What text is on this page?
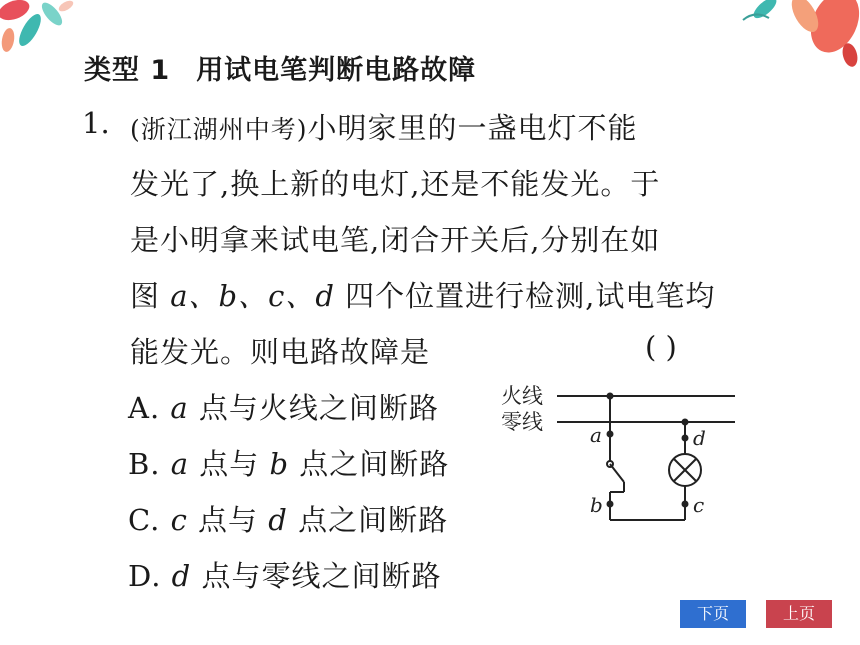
类型 1 用试电笔判断电路故障
1. (浙江湖州中考)小明家里的一盏电灯不能
发光了,换上新的电灯,还是不能发光。于
是小明拿来试电笔,闭合开关后,分别在如
图 a、b、c、d 四个位置进行检测,试电笔均
能发光。则电路故障是	( )
A. a 点与火线之间断路
B. a 点与 b 点之间断路
C. c 点与 d 点之间断路
D. d 点与零线之间断路
火线
零线
a
b
d
c
下页	上页
